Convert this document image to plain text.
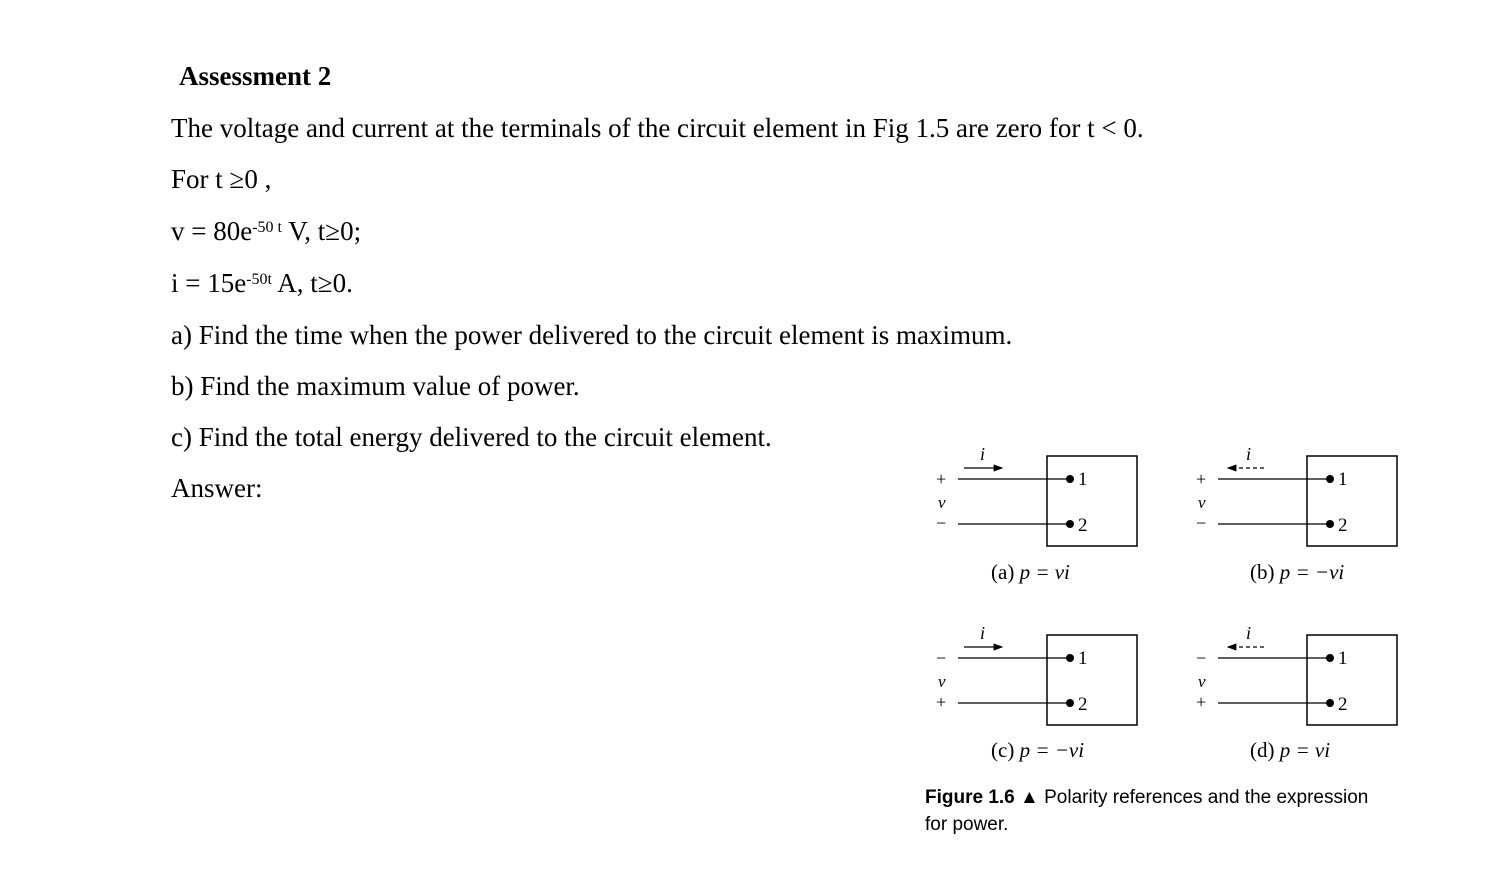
Assessment 2
The voltage and current at the terminals of the circuit element in Fig 1.5 are zero for t < 0.
For t ≥0 ,
$v = 80e^{-50 t}$ V, t≥0;
$i = 15e^{-50t}$ A, t≥0.
a) Find the time when the power delivered to the circuit element is maximum.
b) Find the maximum value of power.
c) Find the total energy delivered to the circuit element.
Answer:	1
2
i
+
v
−
1
2
i
+
v
−
1
2
i
−
v
+
1
2
i
−
v
+
(a) p = vi	(b) p = −vi
(c) p = −vi	(d) p = vi
Figure 1.6 ▲ Polarity references and the expression for power.
